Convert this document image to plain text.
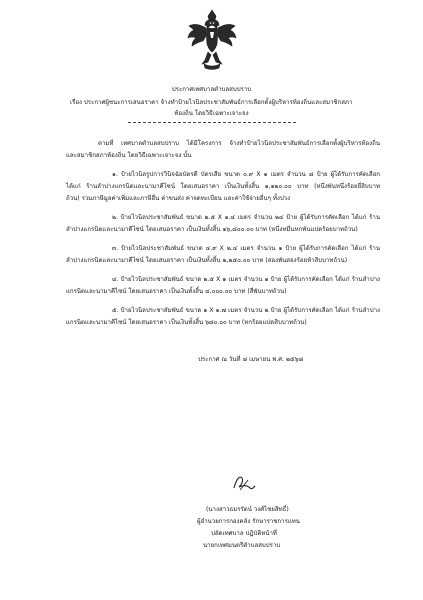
ประกาศเทศบาลตำบลสบปราบ
เรื่อง ประกาศผู้ชนะการเสนอราคา จ้างทำป้ายไวนิลประชาสัมพันธ์การเลือกตั้งผู้บริหารท้องถิ่นและสมาชิกสภา
ท้องถิ่น โดยวิธีเฉพาะเจาะจง
ตามที่ เทศบาลตำบลสบปราบ ได้มีโครงการ จ้างทำป้ายไวนิลประชาสัมพันธ์การเลือกตั้งผู้บริหารท้องถิ่น
และสมาชิกสภาท้องถิ่น โดยวิธีเฉพาะเจาะจง นั้น
๑. ป้ายไวนิลรูปการวินิจฉัยบัตรดี บัตรเสีย ขนาด ๐.๙ X ๑ เมตร จำนวน ๘ ป้าย ผู้ได้รับการคัดเลือก
ได้แก่ ร้านลำปางแกรนิตและนามาคีไซน์ โดยเสนอราคา เป็นเงินทั้งสิ้น ๑,๑๒๐.๐๐ บาท (หนึ่งพันหนึ่งร้อยยี่สิบบาท
ถ้วน) รวมภาษีมูลค่าเพิ่มและภาษีอื่น ค่าขนส่ง ค่าจดทะเบียน และค่าใช้จ่ายอื่นๆ ทั้งปวง
๒. ป้ายไวนิลประชาสัมพันธ์ ขนาด ๒.๕ X ๑.๔ เมตร จำนวน ๒๔ ป้าย ผู้ได้รับการคัดเลือก ได้แก่ ร้าน
ลำปางแกรนิตและนามาคีไซน์ โดยเสนอราคา เป็นเงินทั้งสิ้น ๑๖,๘๐๐.๐๐ บาท (หนึ่งหมื่นหกพันแปดร้อยบาทถ้วน)
๓. ป้ายไวนิลประชาสัมพันธ์ ขนาด ๔.๙ X ๒.๔ เมตร จำนวน ๑ ป้าย ผู้ได้รับการคัดเลือก ได้แก่ ร้าน
ลำปางแกรนิตและนามาคีไซน์ โดยเสนอราคา เป็นเงินทั้งสิ้น ๒,๒๕๐.๐๐ บาท (สองพันสองร้อยห้าสิบบาทถ้วน)
๔. ป้ายไวนิลประชาสัมพันธ์ ขนาด ๒.๕ X ๑ เมตร จำนวน ๑ ป้าย ผู้ได้รับการคัดเลือก ได้แก่ ร้านลำปาง
แกรนิตและนามาคีไซน์ โดยเสนอราคา เป็นเงินทั้งสิ้น ๔,๐๐๐.๐๐ บาท (สี่พันบาทถ้วน)
๕. ป้ายไวนิลประชาสัมพันธ์ ขนาด ๑ X ๑.๗ เมตร จำนวน ๒ ป้าย ผู้ได้รับการคัดเลือก ได้แก่ ร้านลำปาง
แกรนิตและนามาคีไซน์ โดยเสนอราคา เป็นเงินทั้งสิ้น ๖๘๐.๐๐ บาท (หกร้อยแปดสิบบาทถ้วน)
ประกาศ ณ วันที่ ๘ เมษายน พ.ศ. ๒๕๖๘
(นางสาวธมรรัตน์ วงศ์ไชยสิทธิ์)
ผู้อำนวยการกองคลัง รักษาราชการแทน
ปลัดเทศบาล ปฏิบัติหน้าที่
นายกเทศมนตรีตำบลสบปราบ
